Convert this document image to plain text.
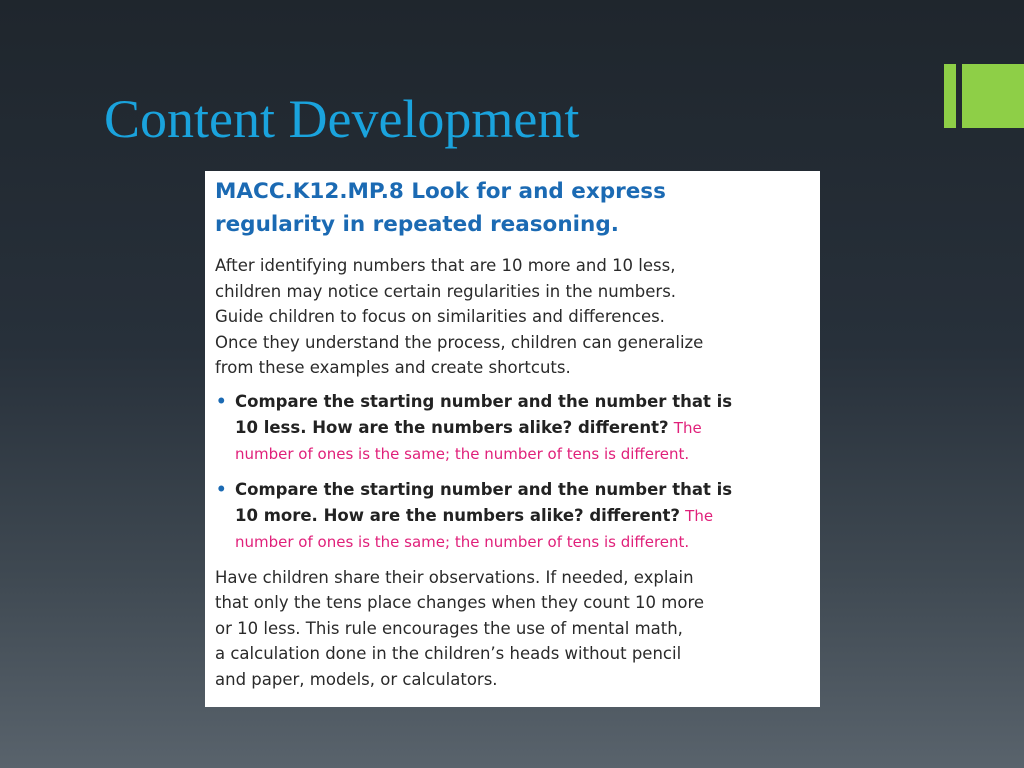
Content Development
MACC.K12.MP.8 Look for and express
regularity in repeated reasoning.

After identifying numbers that are 10 more and 10 less,
children may notice certain regularities in the numbers.
Guide children to focus on similarities and differences.
Once they understand the process, children can generalize
from these examples and create shortcuts.

• Compare the starting number and the number that is
10 less. How are the numbers alike? different? The
number of ones is the same; the number of tens is different.
• Compare the starting number and the number that is
10 more. How are the numbers alike? different? The
number of ones is the same; the number of tens is different.

Have children share their observations. If needed, explain
that only the tens place changes when they count 10 more
or 10 less. This rule encourages the use of mental math,
a calculation done in the children’s heads without pencil
and paper, models, or calculators.
